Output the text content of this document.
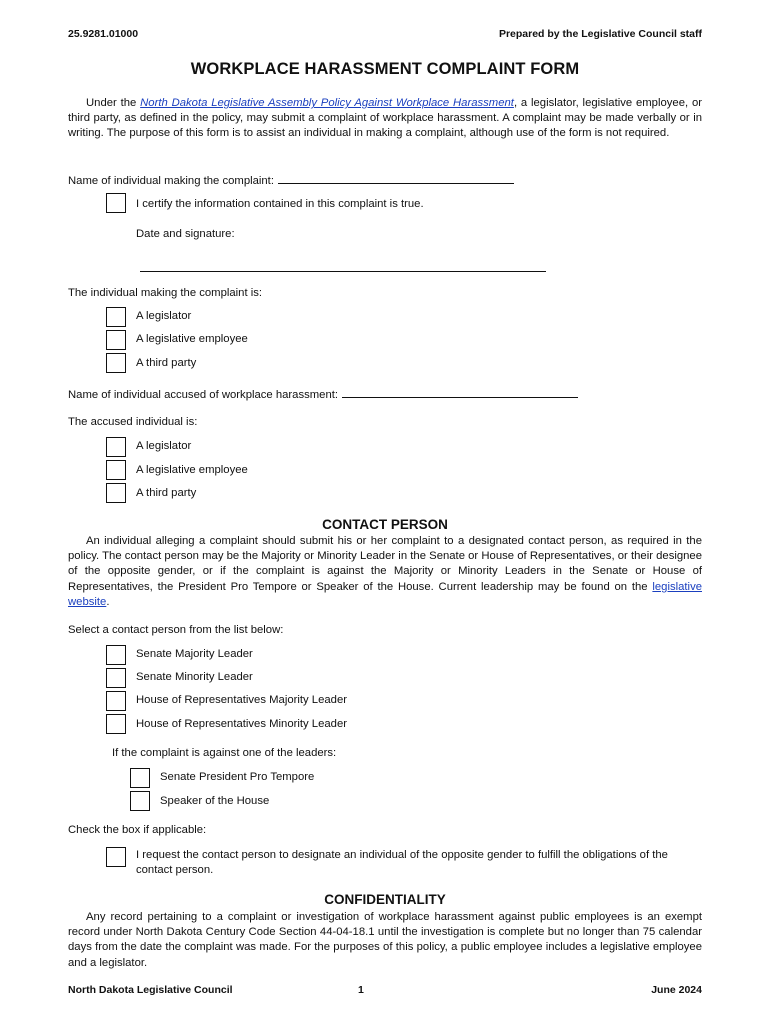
25.9281.01000	Prepared by the Legislative Council staff
WORKPLACE HARASSMENT COMPLAINT FORM
Under the North Dakota Legislative Assembly Policy Against Workplace Harassment, a legislator, legislative employee, or third party, as defined in the policy, may submit a complaint of workplace harassment. A complaint may be made verbally or in writing. The purpose of this form is to assist an individual in making a complaint, although use of the form is not required.
Name of individual making the complaint:
I certify the information contained in this complaint is true.
Date and signature:
The individual making the complaint is:
A legislator
A legislative employee
A third party
Name of individual accused of workplace harassment:
The accused individual is:
A legislator
A legislative employee
A third party
CONTACT PERSON
An individual alleging a complaint should submit his or her complaint to a designated contact person, as required in the policy. The contact person may be the Majority or Minority Leader in the Senate or House of Representatives, or their designee of the opposite gender, or if the complaint is against the Majority or Minority Leaders in the Senate or House of Representatives, the President Pro Tempore or Speaker of the House. Current leadership may be found on the legislative website.
Select a contact person from the list below:
Senate Majority Leader
Senate Minority Leader
House of Representatives Majority Leader
House of Representatives Minority Leader
If the complaint is against one of the leaders:
Senate President Pro Tempore
Speaker of the House
Check the box if applicable:
I request the contact person to designate an individual of the opposite gender to fulfill the obligations of the contact person.
CONFIDENTIALITY
Any record pertaining to a complaint or investigation of workplace harassment against public employees is an exempt record under North Dakota Century Code Section 44-04-18.1 until the investigation is complete but no longer than 75 calendar days from the date the complaint was made. For the purposes of this policy, a public employee includes a legislative employee and a legislator.
North Dakota Legislative Council	1	June 2024
